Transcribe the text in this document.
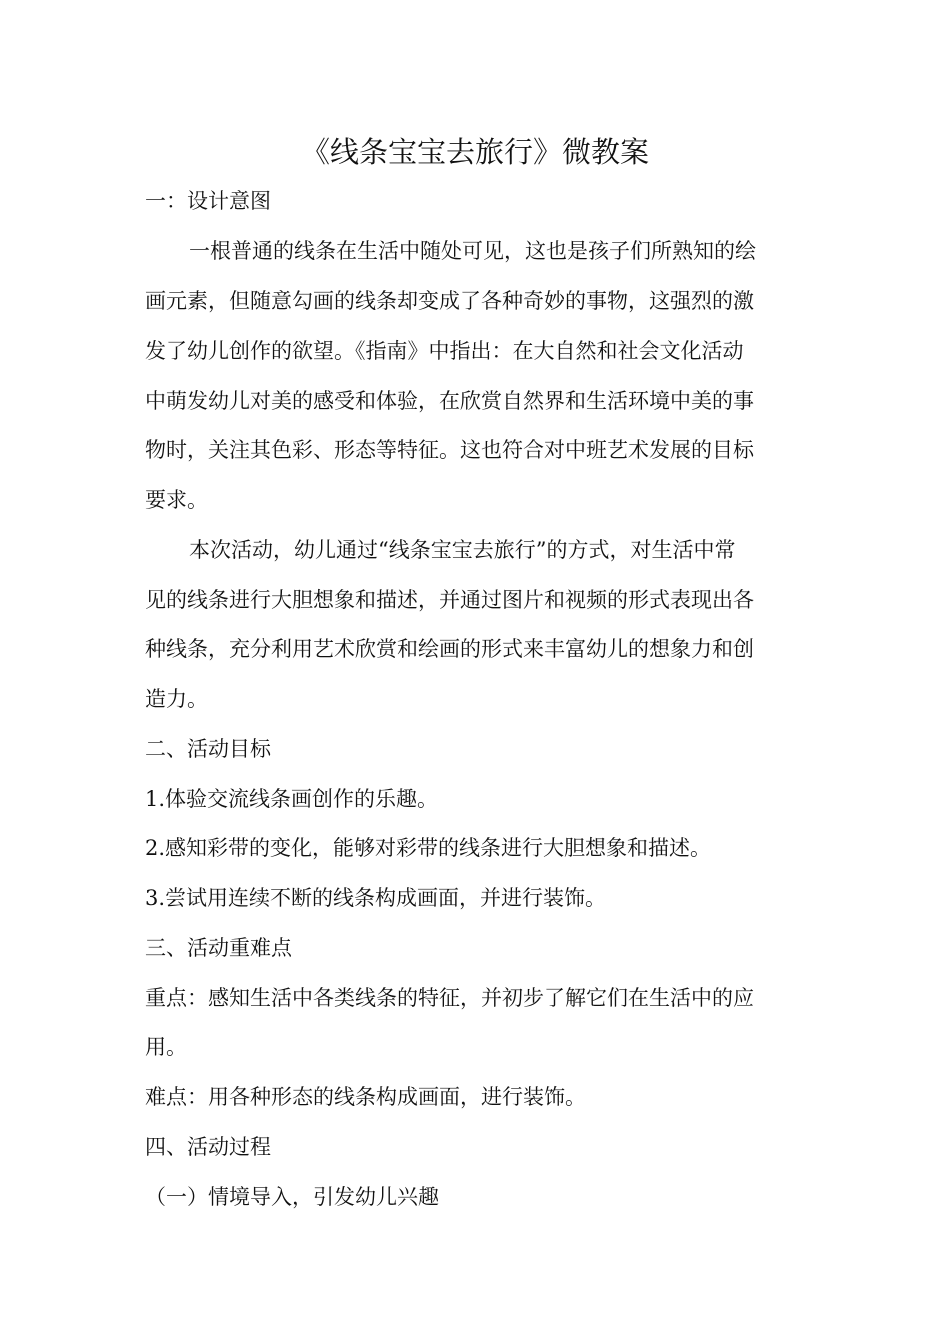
《线条宝宝去旅行》微教案
一：设计意图
一根普通的线条在生活中随处可见，这也是孩子们所熟知的绘
画元素，但随意勾画的线条却变成了各种奇妙的事物，这强烈的激
发了幼儿创作的欲望。《指南》中指出：在大自然和社会文化活动
中萌发幼儿对美的感受和体验，在欣赏自然界和生活环境中美的事
物时，关注其色彩、形态等特征。这也符合对中班艺术发展的目标
要求。
本次活动，幼儿通过“线条宝宝去旅行”的方式，对生活中常
见的线条进行大胆想象和描述，并通过图片和视频的形式表现出各
种线条，充分利用艺术欣赏和绘画的形式来丰富幼儿的想象力和创
造力。
二、活动目标
1.体验交流线条画创作的乐趣。
2.感知彩带的变化，能够对彩带的线条进行大胆想象和描述。
3.尝试用连续不断的线条构成画面，并进行装饰。
三、活动重难点
重点：感知生活中各类线条的特征，并初步了解它们在生活中的应
用。
难点：用各种形态的线条构成画面，进行装饰。
四、活动过程
（一）情境导入，引发幼儿兴趣
